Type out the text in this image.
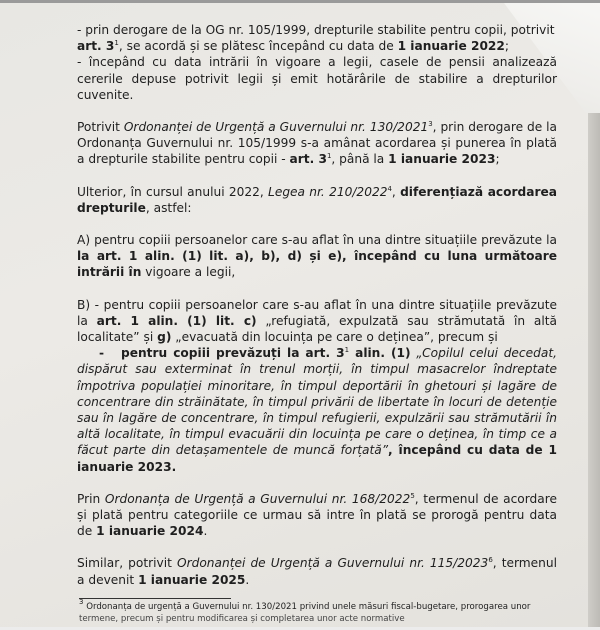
- prin derogare de la OG nr. 105/1999, drepturile stabilite pentru copii, potrivit
art. $3^1$, se acordă și se plătesc începând cu data de 1 ianuarie 2022;
- începând cu data intrării în vigoare a legii, casele de pensii analizează cererile depuse potrivit legii și emit hotărârile de stabilire a drepturilor cuvenite.

Potrivit Ordonanței de Urgență a Guvernului nr. 130/2021$^3$, prin derogare de la Ordonanța Guvernului nr. 105/1999 s-a amânat acordarea și punerea în plată a drepturile stabilite pentru copii - art. $3^1$, până la 1 ianuarie 2023;

Ulterior, în cursul anului 2022, Legea nr. 210/2022$^4$, diferențiază acordarea drepturile, astfel:

A) pentru copiii persoanelor care s-au aflat în una dintre situațiile prevăzute la la art. 1 alin. (1) lit. a), b), d) și e), începând cu luna următoare intrării în vigoare a legii,

B) - pentru copiii persoanelor care s-au aflat în una dintre situațiile prevăzute la art. 1 alin. (1) lit. c) „refugiată, expulzată sau strămutată în altă localitate” și g) „evacuată din locuința pe care o deținea”, precum și
- pentru copiii prevăzuți la art. $3^1$ alin. (1) „Copilul celui decedat, dispărut sau exterminat în trenul morții, în timpul masacrelor îndreptate împotriva populației minoritare, în timpul deportării în ghetouri și lagăre de concentrare din străinătate, în timpul privării de libertate în locuri de detenție sau în lagăre de concentrare, în timpul refugierii, expulzării sau strămutării în altă localitate, în timpul evacuării din locuința pe care o deținea, în timp ce a făcut parte din detașamentele de muncă forțată”, începând cu data de 1 ianuarie 2023.

Prin Ordonanța de Urgență a Guvernului nr. 168/2022$^5$, termenul de acordare și plată pentru categoriile ce urmau să intre în plată se prorogă pentru data de 1 ianuarie 2024.

Similar, potrivit Ordonanței de Urgență a Guvernului nr. 115/2023$^6$, termenul a devenit 1 ianuarie 2025.

$^3$ Ordonanța de urgență a Guvernului nr. 130/2021 privind unele măsuri fiscal-bugetare, prorogarea unor
termene, precum și pentru modificarea și completarea unor acte normative
